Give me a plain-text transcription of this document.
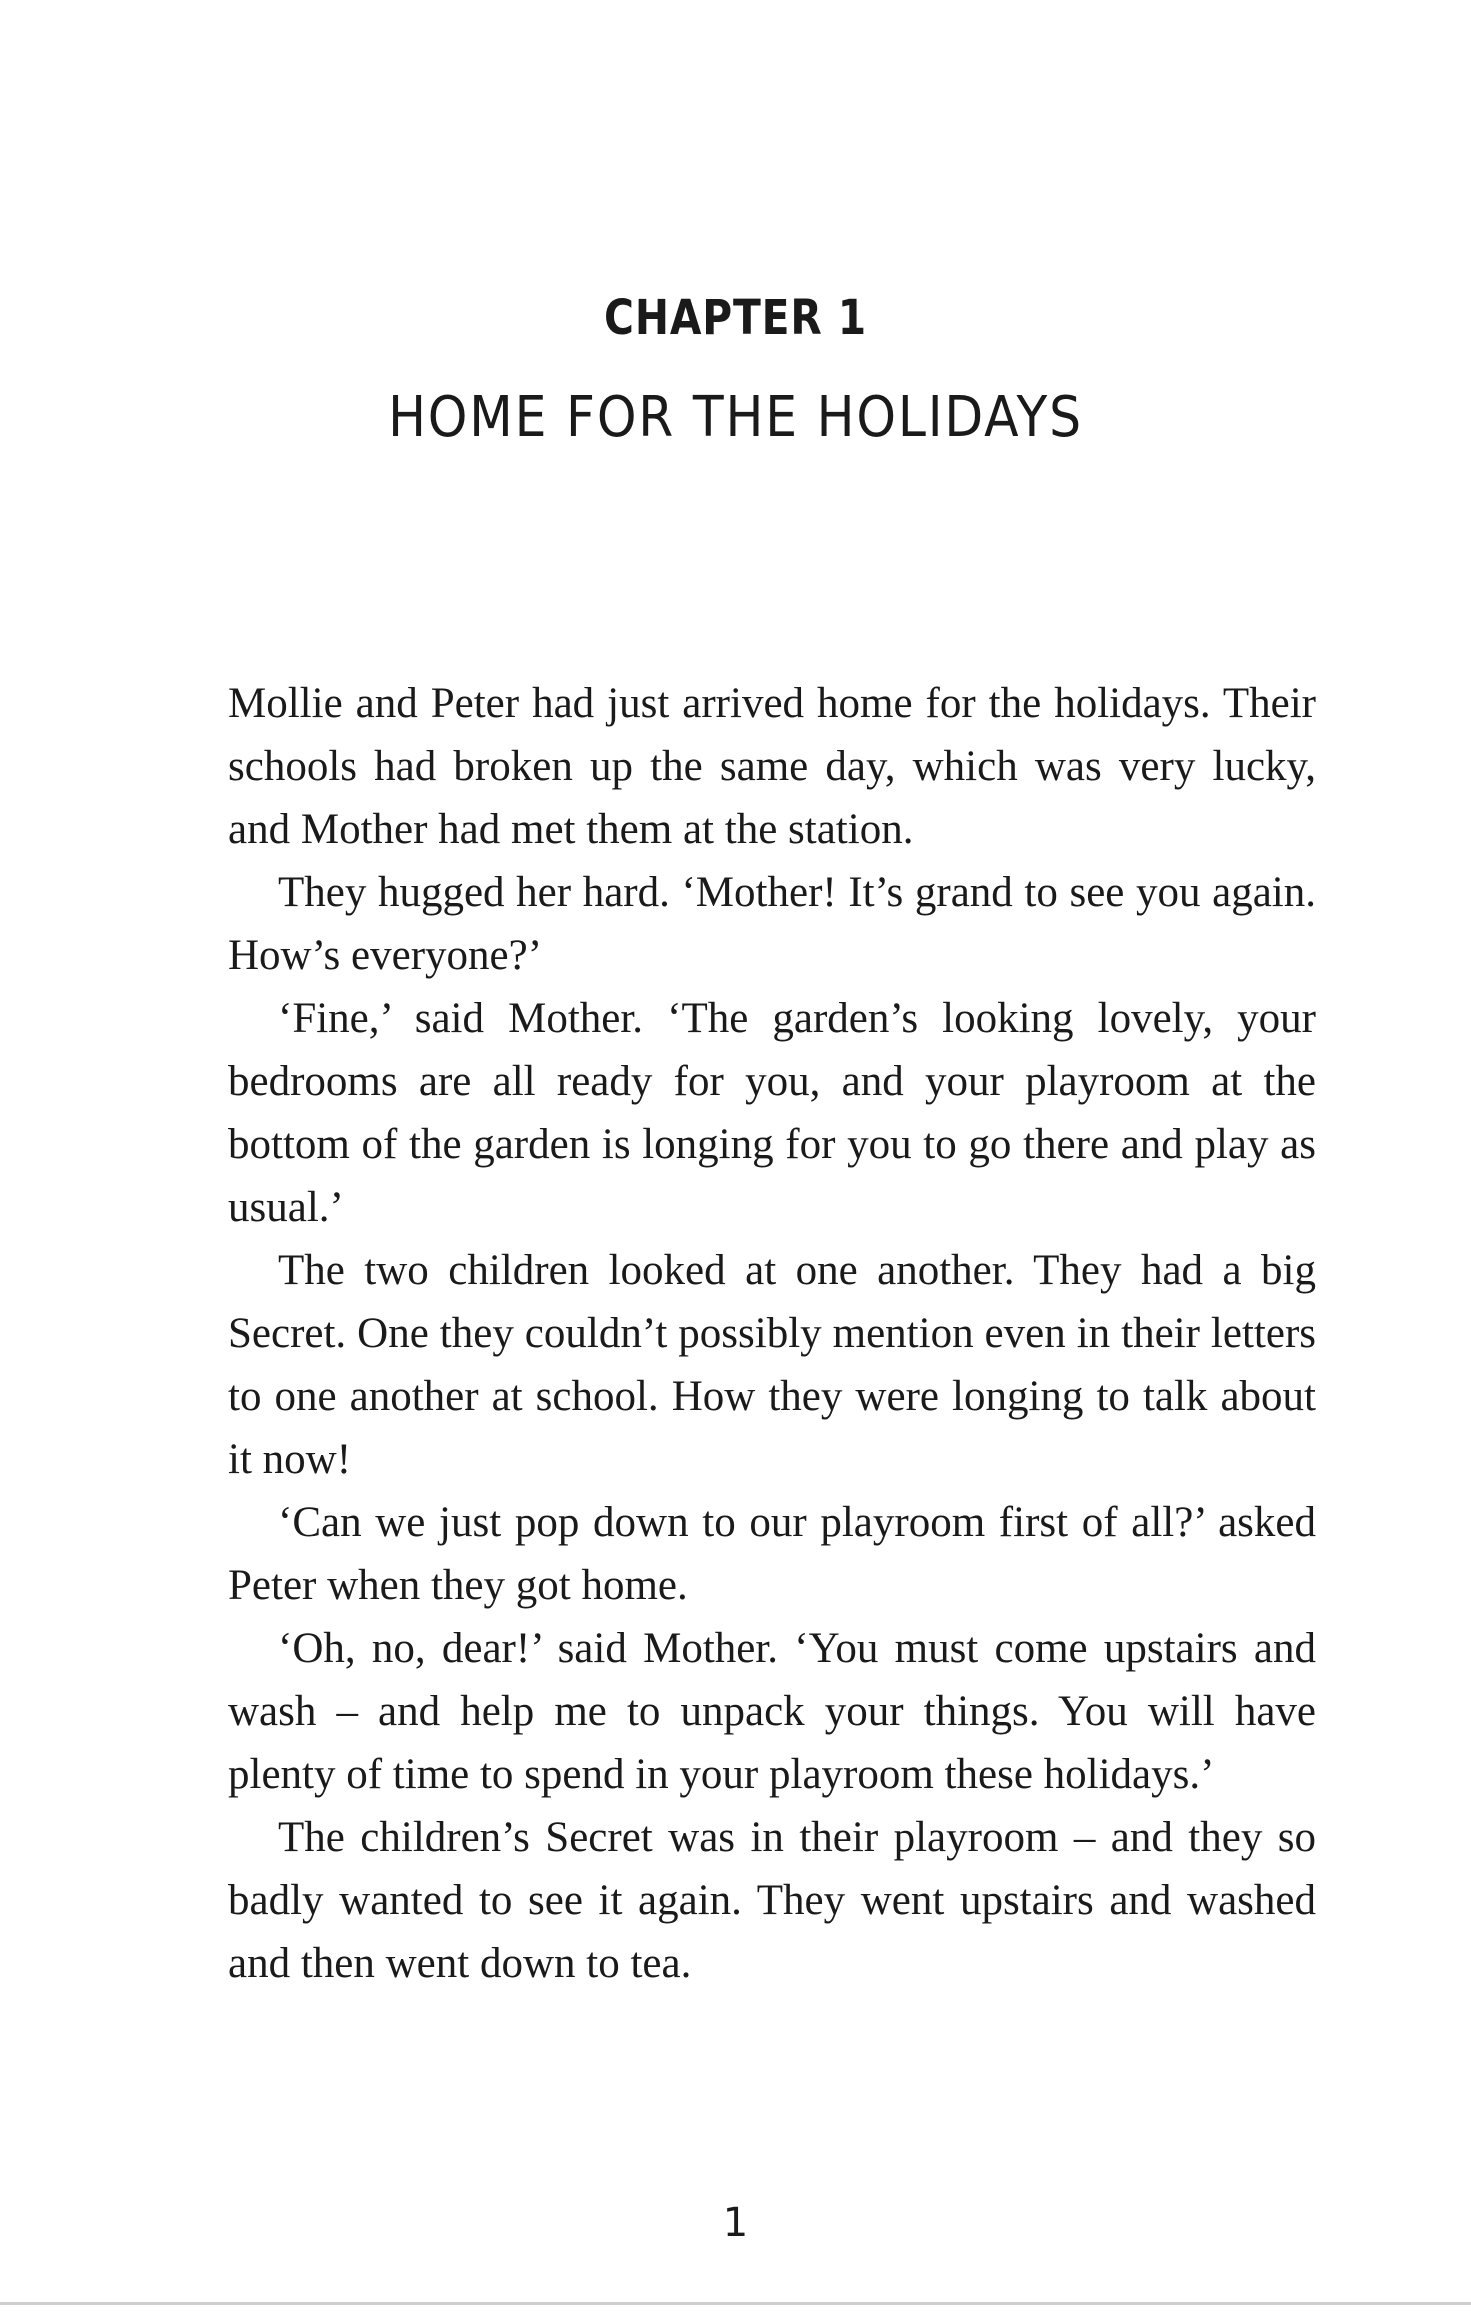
CHAPTER 1
HOME FOR THE HOLIDAYS

Mollie and Peter had just arrived home for the holidays. Their schools had broken up the same day, which was very lucky, and Mother had met them at the station.

They hugged her hard. ‘Mother! It’s grand to see you again. How’s everyone?’

‘Fine,’ said Mother. ‘The garden’s looking lovely, your bedrooms are all ready for you, and your playroom at the bottom of the garden is longing for you to go there and play as usual.’

The two children looked at one another. They had a big Secret. One they couldn’t possibly mention even in their letters to one another at school. How they were longing to talk about it now!

‘Can we just pop down to our playroom first of all?’ asked Peter when they got home.

‘Oh, no, dear!’ said Mother. ‘You must come upstairs and wash – and help me to unpack your things. You will have plenty of time to spend in your playroom these holidays.’

The children’s Secret was in their playroom – and they so badly wanted to see it again. They went upstairs and washed and then went down to tea.

1
